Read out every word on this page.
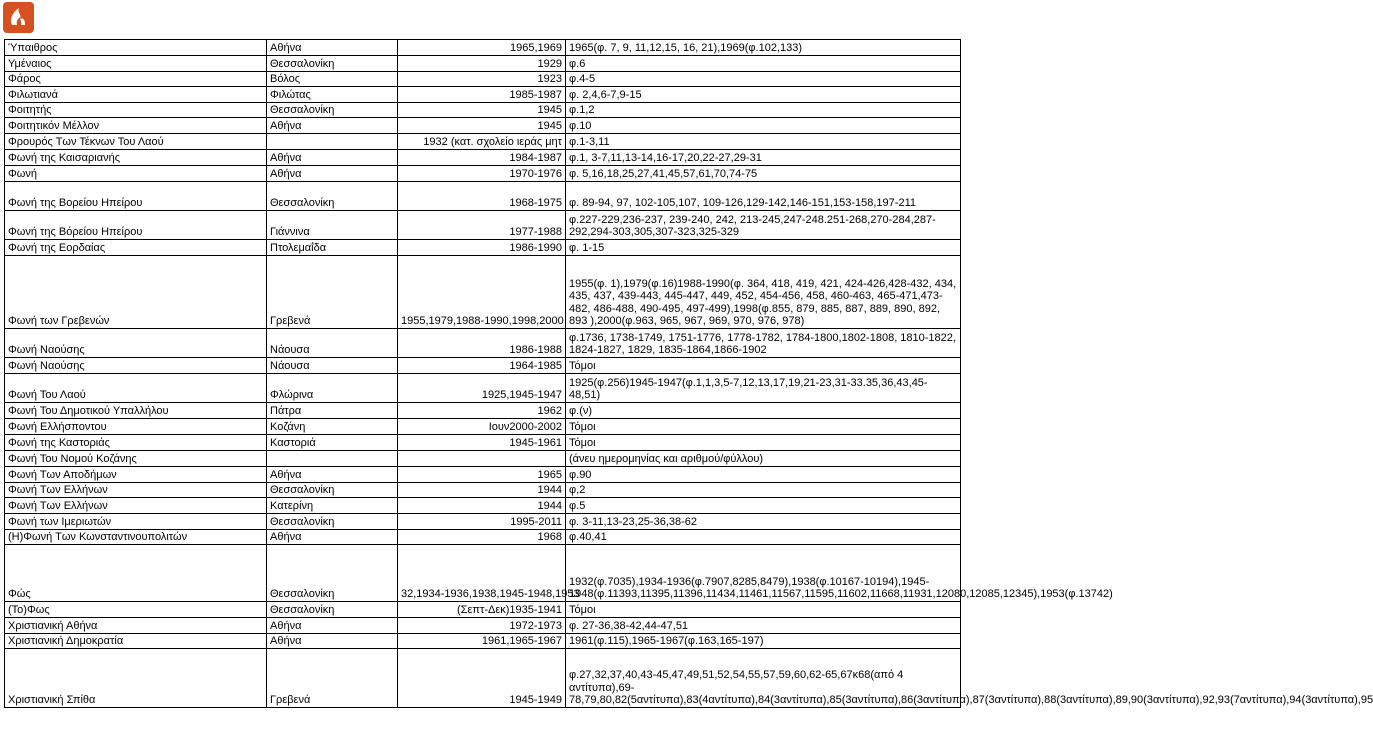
Ύπαιθρος	Αθήνα	1965,1969	1965(φ. 7, 9, 11,12,15, 16, 21),1969(φ.102,133)
Υμέναιος	Θεσσαλονίκη	1929	φ.6
Φάρος	Βόλος	1923	φ.4-5
Φιλωτιανά	Φιλώτας	1985-1987	φ. 2,4,6-7,9-15
Φοιτητής	Θεσσαλονίκη	1945	φ.1,2
Φοιτητικόν Μέλλον	Αθήνα	1945	φ.10
Φρουρός Των Τέκνων Του Λαού		1932 (κατ. σχολείο ιεράς μητ	φ.1-3,11
Φωνή της Καισαριανής	Αθήνα	1984-1987	φ.1, 3-7,11,13-14,16-17,20,22-27,29-31
Φωνή	Αθήνα	1970-1976	φ. 5,16,18,25,27,41,45,57,61,70,74-75
Φωνή της Βορείου Ηπείρου	Θεσσαλονίκη	1968-1975	φ. 89-94, 97, 102-105,107, 109-126,129-142,146-151,153-158,197-211
Φωνή της Βόρείου Ηπείρου	Γιάννινα	1977-1988	φ.227-229,236-237, 239-240, 242, 213-245,247-248.251-268,270-284,287-292,294-303,305,307-323,325-329
Φωνή της Εορδαίας	Πτολεμαΐδα	1986-1990	φ. 1-15
Φωνή των Γρεβενών	Γρεβενά	1955,1979,1988-1990,1998,2000	1955(φ. 1),1979(φ.16)1988-1990(φ. 364, 418, 419, 421, 424-426,428-432, 434, 435, 437, 439-443, 445-447, 449, 452, 454-456, 458, 460-463, 465-471,473-482, 486-488, 490-495, 497-499),1998(φ.855, 879, 885, 887, 889, 890, 892, 893 ),2000(φ.963, 965, 967, 969, 970, 976, 978)
Φωνή Ναούσης	Νάουσα	1986-1988	φ.1736, 1738-1749, 1751-1776, 1778-1782, 1784-1800,1802-1808, 1810-1822, 1824-1827, 1829, 1835-1864,1866-1902
Φωνή Ναούσης	Νάουσα	1964-1985	Τόμοι
Φωνή Του Λαού	Φλώρινα	1925,1945-1947	1925(φ.256)1945-1947(φ.1,1,3,5-7,12,13,17,19,21-23,31-33.35,36,43,45-48,51)
Φωνή Του Δημοτικού Υπαλλήλου	Πάτρα	1962	φ.(ν)
Φωνή Ελλήσποντου	Κοζάνη	Ιουν2000-2002	Τόμοι
Φωνή της Καστοριάς	Καστοριά	1945-1961	Τόμοι
Φωνή Του Νομού Κοζάνης			(άνευ ημερομηνίας και αριθμού/φύλλου)
Φωνή Των Αποδήμων	Αθήνα	1965	φ.90
Φωνή Των Ελλήνων	Θεσσαλονίκη	1944	φ,2
Φωνή Των Ελλήνων	Κατερίνη	1944	φ.5
Φωνή των Ιμεριωτών	Θεσσαλονίκη	1995-2011	φ. 3-11,13-23,25-36,38-62
(Η)Φωνή Των Κωνσταντινουπολιτών	Αθήνα	1968	φ.40,41
Φώς	Θεσσαλονίκη	32,1934-1936,1938,1945-1948,1953	1932(φ.7035),1934-1936(φ.7907,8285,8479),1938(φ.10167-10194),1945-1948(φ.11393,11395,11396,11434,11461,11567,11595,11602,11668,11931,12080,12085,12345),1953(φ.13742)
(Το)Φως	Θεσσαλονίκη	(Σεπτ-Δεκ)1935-1941	Τόμοι
Χριστιανική Αθήνα	Αθήνα	1972-1973	φ. 27-36,38-42,44-47,51
Χριστιανική Δημοκρατία	Αθήνα	1961,1965-1967	1961(φ.115),1965-1967(φ.163,165-197)
Χριστιανική Σπίθα	Γρεβενά	1945-1949	φ.27,32,37,40,43-45,47,49,51,52,54,55,57,59,60,62-65,67κ68(από 4 αντίτυπα),69-78,79,80,82(5αντίτυπα),83(4αντίτυπα),84(3αντίτυπα),85(3αντίτυπα),86(3αντίτυπα),87(3αντίτυπα),88(3αντίτυπα),89,90(3αντίτυπα),92,93(7αντίτυπα),94(3αντίτυπα),95
